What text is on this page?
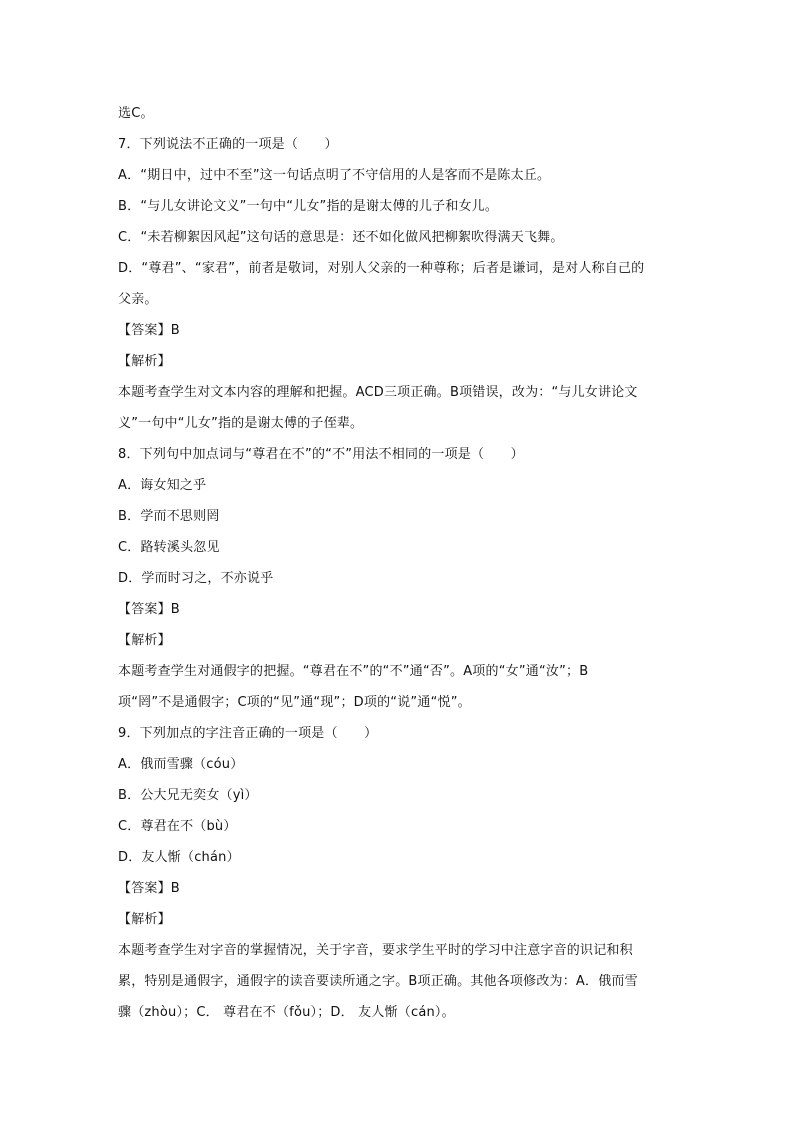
选C。
7．下列说法不正确的一项是（　　）
A．“期日中，过中不至”这一句话点明了不守信用的人是客而不是陈太丘。
B．“与儿女讲论文义”一句中“儿女”指的是谢太傅的儿子和女儿。
C．“未若柳絮因风起”这句话的意思是：还不如化做风把柳絮吹得满天飞舞。
D．“尊君”、“家君”，前者是敬词，对别人父亲的一种尊称；后者是谦词，是对人称自己的
父亲。
【答案】B
【解析】
本题考查学生对文本内容的理解和把握。ACD三项正确。B项错误，改为：“与儿女讲论文
义”一句中“儿女”指的是谢太傅的子侄辈。
8．下列句中加点词与“尊君在不”的“不”用法不相同的一项是（　　）
A．诲女知之乎
B．学而不思则罔
C．路转溪头忽见
D．学而时习之，不亦说乎
【答案】B
【解析】
本题考查学生对通假字的把握。“尊君在不”的“不”通“否”。A项的“女”通“汝”；B
项“罔”不是通假字；C项的“见”通“现”；D项的“说”通“悦”。
9．下列加点的字注音正确的一项是（　　）
A．俄而雪骤（cóu）
B．公大兄无奕女（yì）
C．尊君在不（bù）
D．友人惭（chán）
【答案】B
【解析】
本题考查学生对字音的掌握情况，关于字音，要求学生平时的学习中注意字音的识记和积
累，特别是通假字，通假字的读音要读所通之字。B项正确。其他各项修改为：A．俄而雪
骤（zhòu）；C． 尊君在不（fǒu）；D． 友人惭（cán）。
